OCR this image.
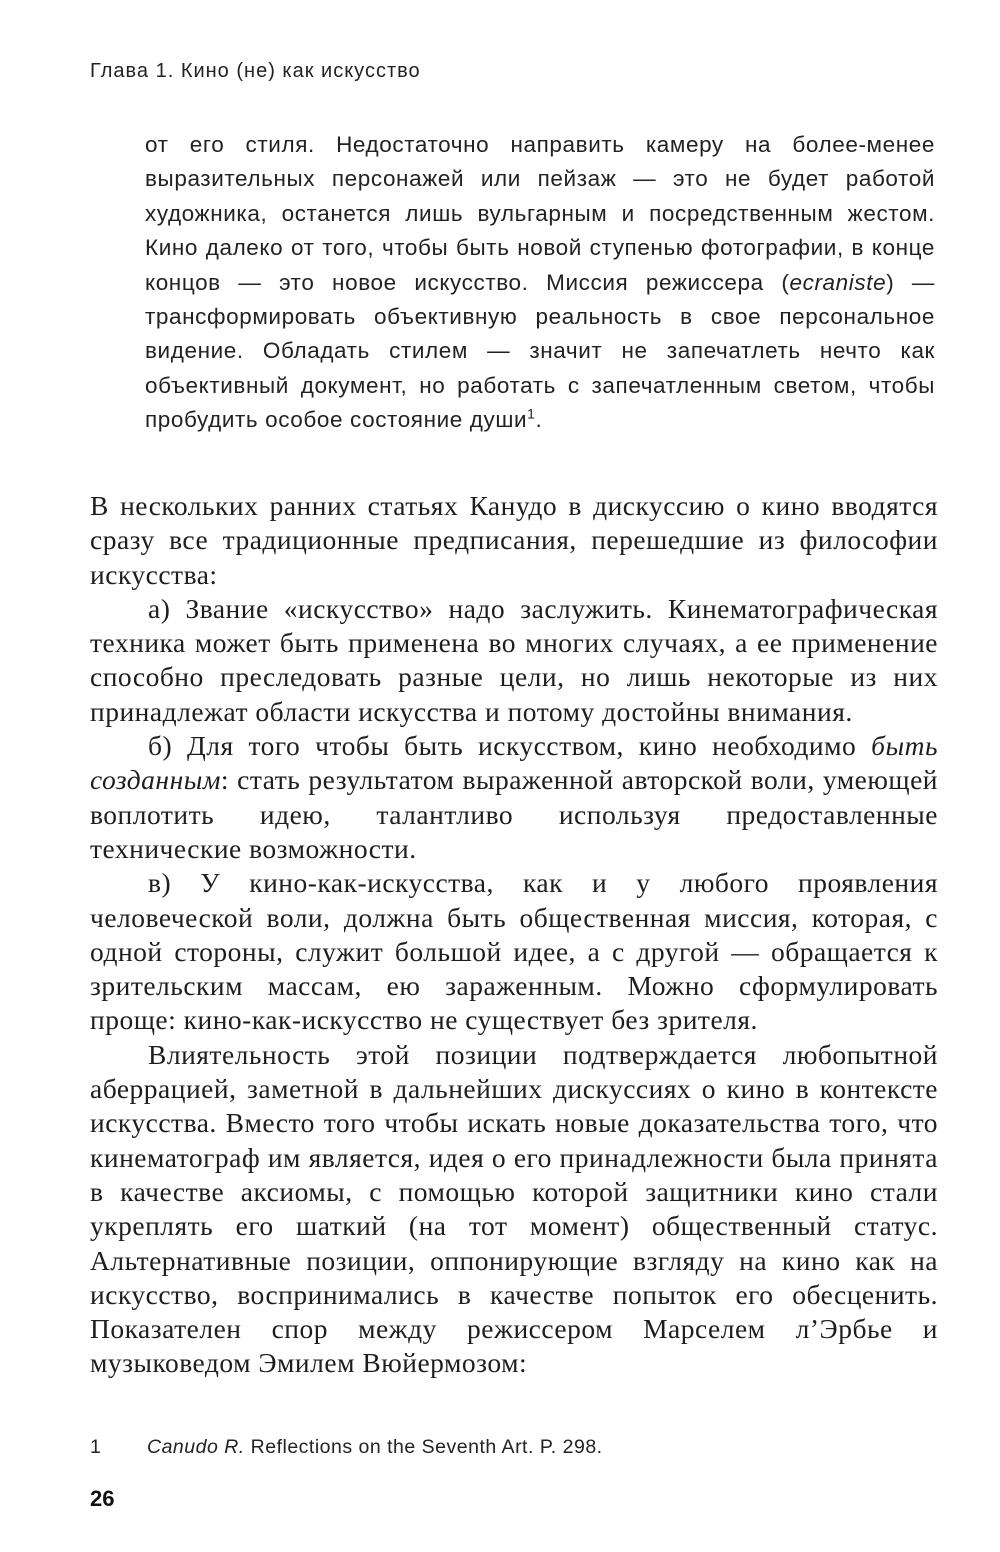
Глава 1. Кино (не) как искусство
от его стиля. Недостаточно направить камеру на более-менее выразительных персонажей или пейзаж — это не будет работой художника, останется лишь вульгарным и посредственным жестом. Кино далеко от того, чтобы быть новой ступенью фотографии, в конце концов — это новое искусство. Миссия режиссера (ecraniste) — трансформировать объективную реальность в свое персональное видение. Обладать стилем — значит не запечатлеть нечто как объективный документ, но работать с запечатленным светом, чтобы пробудить особое состояние души$^1$.

В нескольких ранних статьях Канудо в дискуссию о кино вводятся сразу все традиционные предписания, перешедшие из философии искусства:

а) Звание «искусство» надо заслужить. Кинематографическая техника может быть применена во многих случаях, а ее применение способно преследовать разные цели, но лишь некоторые из них принадлежат области искусства и потому достойны внимания.

б) Для того чтобы быть искусством, кино необходимо быть созданным: стать результатом выраженной авторской воли, умеющей воплотить идею, талантливо используя предоставленные технические возможности.

в) У кино-как-искусства, как и у любого проявления человеческой воли, должна быть общественная миссия, которая, с одной стороны, служит большой идее, а с другой — обращается к зрительским массам, ею зараженным. Можно сформулировать проще: кино-как-искусство не существует без зрителя.

Влиятельность этой позиции подтверждается любопытной аберрацией, заметной в дальнейших дискуссиях о кино в контексте искусства. Вместо того чтобы искать новые доказательства того, что кинематограф им является, идея о его принадлежности была принята в качестве аксиомы, с помощью которой защитники кино стали укреплять его шаткий (на тот момент) общественный статус. Альтернативные позиции, оппонирующие взгляду на кино как на искусство, воспринимались в качестве попыток его обесценить. Показателен спор между режиссером Марселем л’Эрбье и музыковедом Эмилем Вюйермозом:

1 Canudo R. Reflections on the Seventh Art. P. 298.
26
